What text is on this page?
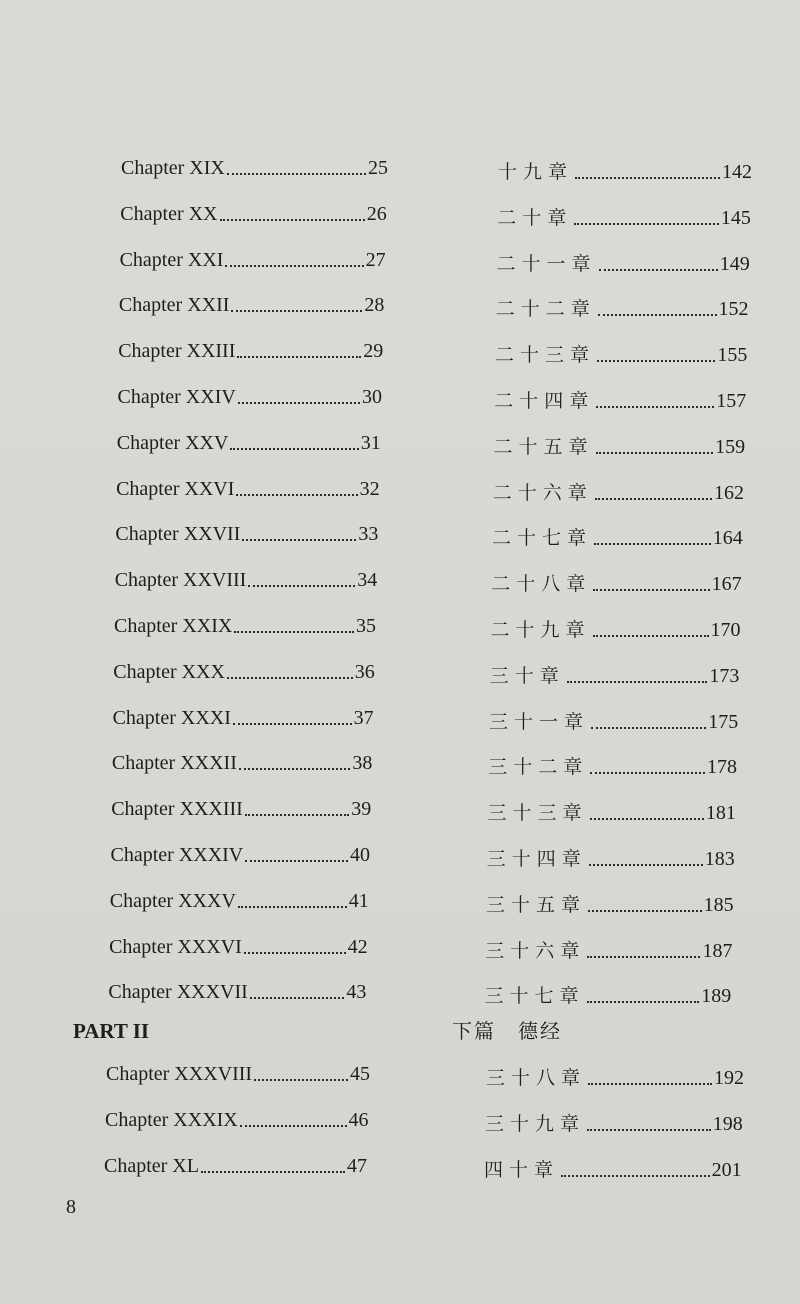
Chapter XIX	25
Chapter XX	26
Chapter XXI	27
Chapter XXII	28
Chapter XXIII	29
Chapter XXIV	30
Chapter XXV	31
Chapter XXVI	32
Chapter XXVII	33
Chapter XXVIII	34
Chapter XXIX	35
Chapter XXX	36
Chapter XXXI	37
Chapter XXXII	38
Chapter XXXIII	39
Chapter XXXIV	40
Chapter XXXV	41
Chapter XXXVI	42
Chapter XXXVII	43
Chapter XXXVIII	45
Chapter XXXIX	46
Chapter XL	47
十九章	142
二十章	145
二十一章	149
二十二章	152
二十三章	155
二十四章	157
二十五章	159
二十六章	162
二十七章	164
二十八章	167
二十九章	170
三十章	173
三十一章	175
三十二章	178
三十三章	181
三十四章	183
三十五章	185
三十六章	187
三十七章	189
三十八章	192
三十九章	198
四十章	201
PART II	下篇　德经
8
